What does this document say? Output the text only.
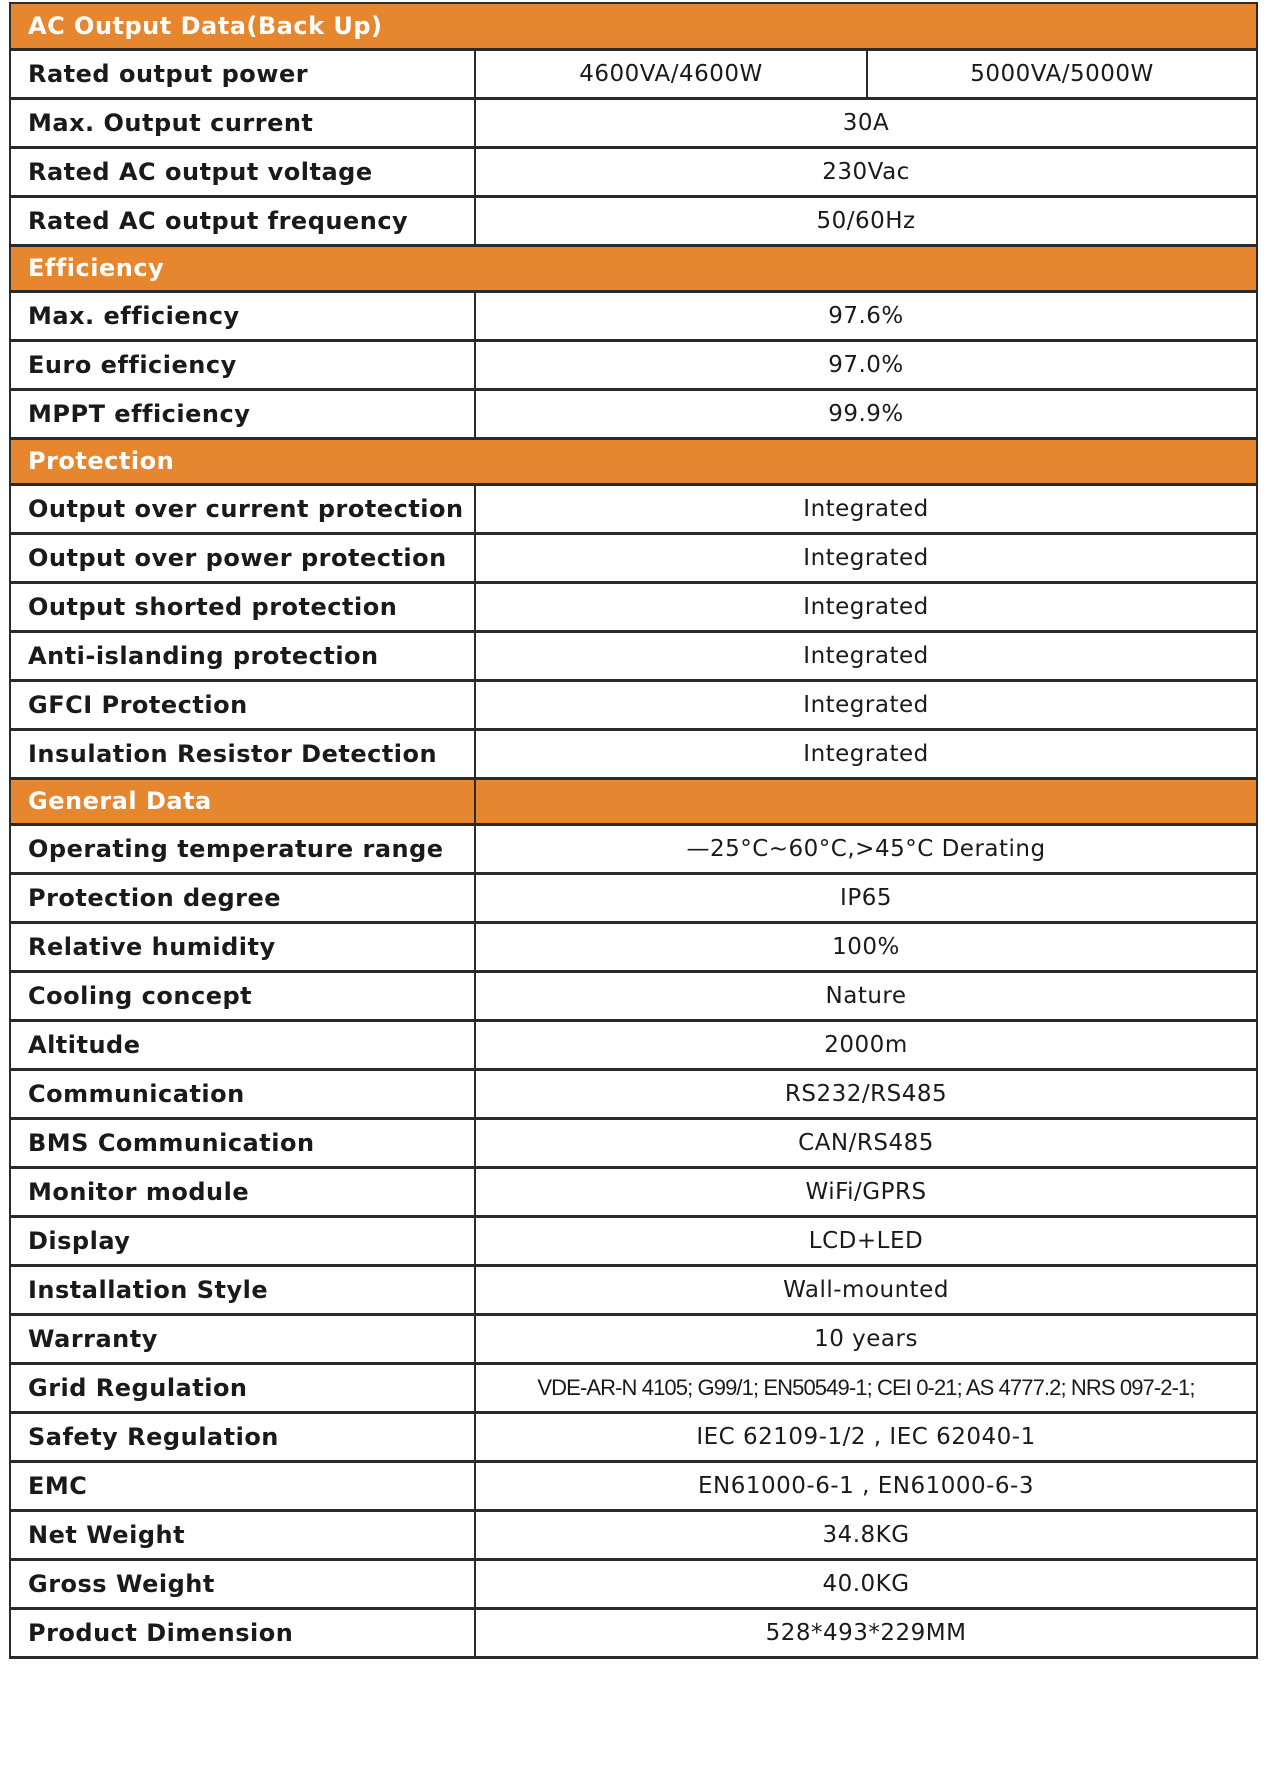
AC Output Data(Back Up)		
Rated output power	4600VA/4600W	5000VA/5000W
Max. Output current	30A	
Rated AC output voltage	230Vac	
Rated AC output frequency	50/60Hz	
Efficiency		
Max. efficiency	97.6%	
Euro efficiency	97.0%	
MPPT efficiency	99.9%	
Protection		
Output over current protection	Integrated	
Output over power protection	Integrated	
Output shorted protection	Integrated	
Anti-islanding protection	Integrated	
GFCI Protection	Integrated	
Insulation Resistor Detection	Integrated	
General Data		
Operating temperature range	—25°C~60°C,>45°C Derating	
Protection degree	IP65	
Relative humidity	100%	
Cooling concept	Nature	
Altitude	2000m	
Communication	RS232/RS485	
BMS Communication	CAN/RS485	
Monitor module	WiFi/GPRS	
Display	LCD+LED	
Installation Style	Wall-mounted	
Warranty	10 years	
Grid Regulation	VDE-AR-N 4105; G99/1; EN50549-1; CEI 0-21; AS 4777.2; NRS 097-2-1;	
Safety Regulation	IEC 62109-1/2 , IEC 62040-1	
EMC	EN61000-6-1 , EN61000-6-3	
Net Weight	34.8KG	
Gross Weight	40.0KG	
Product Dimension	528*493*229MM	
